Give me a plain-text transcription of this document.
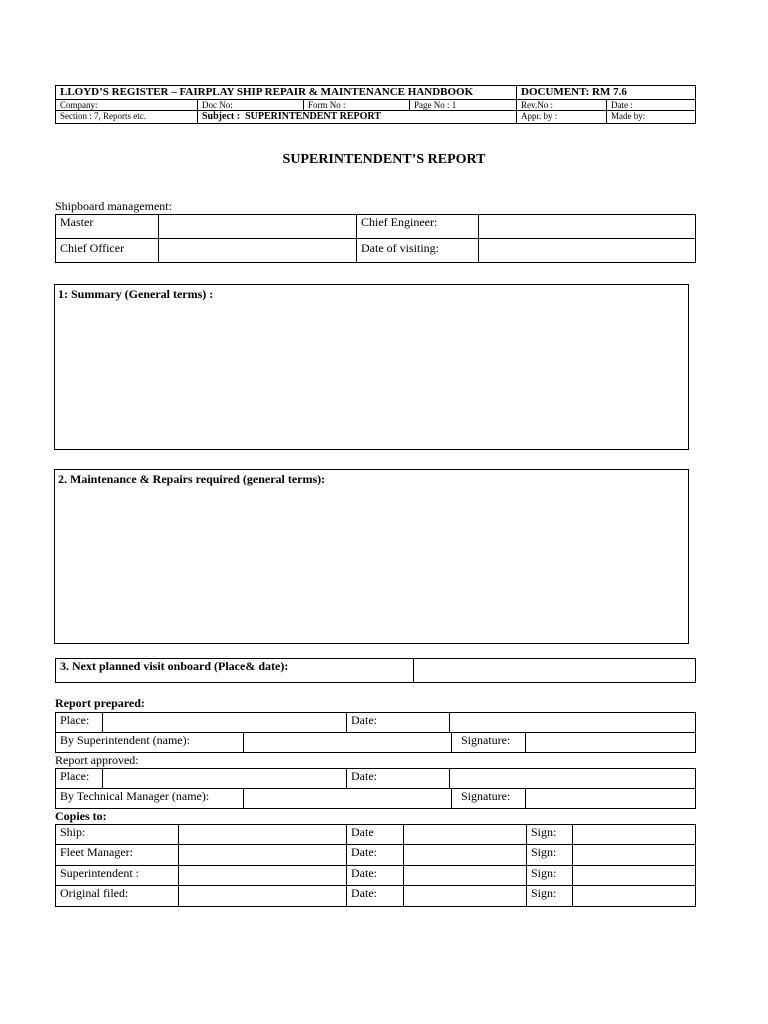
LLOYD’S REGISTER – FAIRPLAY SHIP REPAIR & MAINTENANCE HANDBOOK				DOCUMENT: RM 7.6	
Company:	Doc No:	Form No :	Page No : 1	Rev.No :	Date :
Section : 7, Reports etc.	Subject : SUPERINTENDENT REPORT			Appr. by :	Made by:
SUPERINTENDENT’S REPORT
Shipboard management:
Master		Chief Engineer:	
Chief Officer		Date of visiting:	
1: Summary (General terms) :
2. Maintenance & Repairs required (general terms):
3. Next planned visit onboard (Place& date):	
Report prepared:
Place:		Date:	
By Superintendent (name):		Signature:	
Report approved:
Place:		Date:	
By Technical Manager (name):		Signature:	
Copies to:
Ship:		Date		Sign:	
Fleet Manager:		Date:		Sign:	
Superintendent :		Date:		Sign:	
Original filed:		Date:		Sign:	
